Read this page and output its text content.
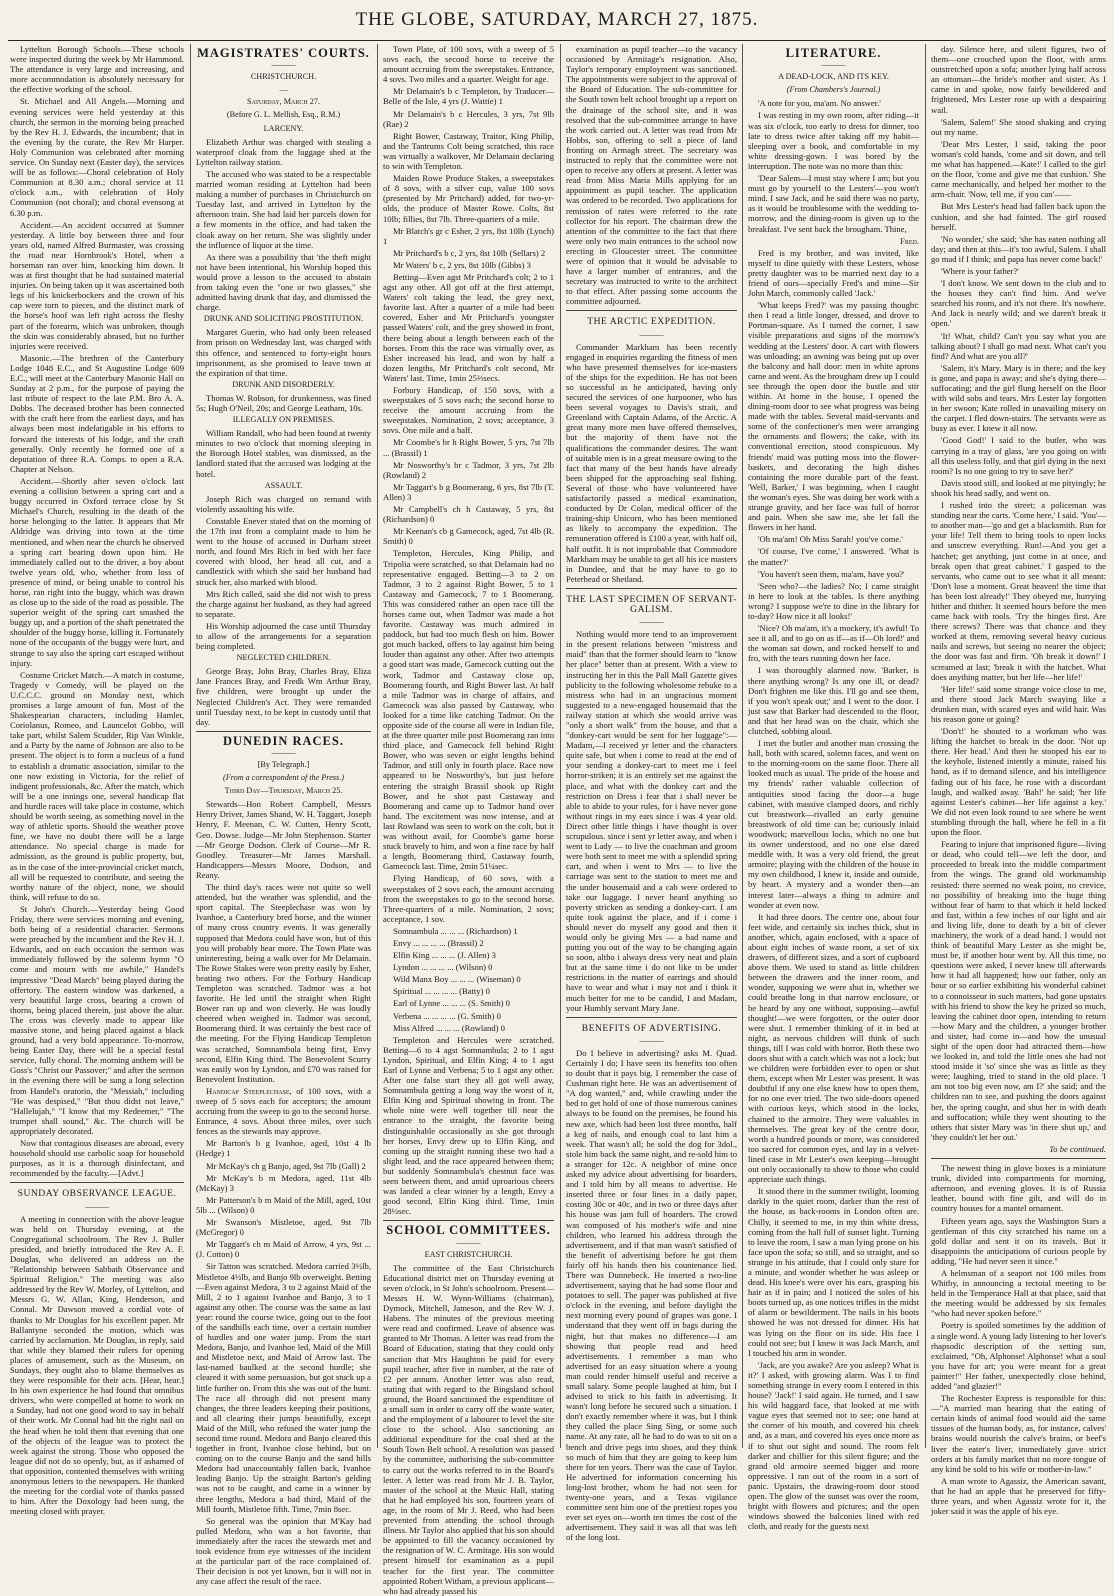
THE GLOBE, SATURDAY, MARCH 27, 1875.

Lyttelton Borough Schools.—These schools were inspected during the week by Mr Hammond. The attendance is very large and increasing, and more accommodation is absolutely necessary for the effective working of the school.

St. Michael and All Angels.—Morning and evening services were held yesterday at this church, the sermon in the morning being preached by the Rev H. J. Edwards, the incumbent; that in the evening by the curate, the Rev Mr Harper. Holy Communion was celebrated after morning service. On Sunday next (Easter day), the services will be as follows:—Choral celebration of Holy Communion at 8.30 a.m.; choral service at 11 o'clock a.m., with celebration of Holy Communion (not choral); and choral evensong at 6.30 p.m.

Accident.—An accident occurred at Sumner yesterday. A little boy between three and four years old, named Alfred Burmaster, was crossing the road near Hornbrook's Hotel, when a horseman ran over him, knocking him down. It was at first thought that he had sustained material injuries. On being taken up it was ascertained both legs of his knickerbockers and the crown of his cap were torn to pieces, and the distinct mark of the horse's hoof was left right across the fleshy part of the forearm, which was unbroken, though the skin was considerably abrased, but no further injuries were received.

Masonic.—The brethren of the Canterbury Lodge 1048 E.C., and St Augustine Lodge 609 E.C., will meet at the Canterbury Masonic Hall on Sunday at 2 p.m., for the purpose of paying the last tribute of respect to the late P.M. Bro A. A. Dobbs. The deceased brother has been connected with the craft here from the earliest days, and has always been most indefatigable in his efforts to forward the interests of his lodge, and the craft generally. Only recently he formed one of a deputation of three R.A. Comps. to open a R.A. Chapter at Nelson.

Accident.—Shortly after seven o'clock last evening a collision between a spring cart and a buggy occurred in Oxford terrace close by St Michael's Church, resulting in the death of the horse belonging to the latter. It appears that Mr Aldridge was driving into town at the time mentioned, and when near the church he observed a spring cart bearing down upon him. He immediately called out to the driver, a boy about twelve years old, who, whether from loss of presence of mind, or being unable to control his horse, ran right into the buggy, which was drawn as close up to the side of the road as possible. The superior weight of the spring cart smashed the buggy up, and a portion of the shaft penetrated the shoulder of the buggy horse, killing it. Fortunately none of the occupants of the buggy were hurt, and strange to say also the spring cart escaped without injury.

Costume Cricket Match.—A match in costume, Tragedy v Comedy, will be played on the U.C.C.C. ground on Monday next, which promises a large amount of fun. Most of the Shakespearian characters, including Hamlet, Coriolanus, Romeo, and Launcelot Gobbo, will take part, whilst Salem Scudder, Rip Van Winkle, and a Party by the name of Johnson are also to be present. The object is to form a nucleus of a fund to establish a dramatic association, similar to the one now existing in Victoria, for the relief of indigent professionals, &c. After the match, which will be a one innings one, several handicap flat and hurdle races will take place in costume, which should be worth seeing, as something novel in the way of athletic sports. Should the weather prove fine, we have no doubt there will be a large attendance. No special charge is made for admission, as the ground is public property, but, as in the case of the inter-provincial cricket match, all will be requested to contribute, and seeing the worthy nature of the object, none, we should think, will refuse to do so.

St John's Church.—Yesterday being Good Friday, there were services morning and evening, both being of a residential character. Sermons were preached by the incumbent and the Rev H. J. Edwards, and on each occasion the sermon was immediately followed by the solemn hymn "O come and mourn with me awhile," Handel's impressive "Dead March" being played during the offertory. The eastern window was darkened, a very beautiful large cross, bearing a crown of thorns, being placed therein, just above the altar. The cross was cleverly made to appear like massive stone, and being placed against a black ground, had a very bold appearance. To-morrow, being Easter Day, there will be a special festal service, fully choral. The morning anthem will be Goss's "Christ our Passover;" and after the sermon in the evening there will be sung a long selection from Handel's oratorio, the "Messiah," including "He was despised," "But thou didst not leave," "Hallelujah," "I know that my Redeemer," "The trumpet shall sound," &c. The church will be appropriately decorated.

Now that contagious diseases are abroad, every household should use carbolic soap for household purposes, as it is a thorough disinfectant, and recommended by the faculty.—[Advt.]

SUNDAY OBSERVANCE LEAGUE.
———

A meeting in connection with the above league was held on Thursday evening, at the Congregational schoolroom. The Rev J. Buller presided, and briefly introduced the Rev A. F. Douglas, who delivered an address on the "Relationship between Sabbath Observance and Spiritual Religion." The meeting was also addressed by the Rev W. Morley, of Lyttelton, and Messrs G. W. Allan, King, Henderson, and Connal. Mr Dawson moved a cordial vote of thanks to Mr Douglas for his excellent paper. Mr Ballantyne seconded the motion, which was carried by acclamation. Mr Douglas, in reply, said that while they blamed their rulers for opening places of amusement, such as the Museum, on Sundays, they ought also to blame themselves as they were responsible for their acts. [Hear, hear.] In his own experience he had found that omnibus drivers, who were compelled at home to work on a Sunday, had not one good word to say in behalf of their work. Mr Connal had hit the right nail on the head when he told them that evening that one of the objects of the league was to protect the week against the strong. Those who opposed the league did not do so openly, but, as if ashamed of that opposition, contented themselves with writing anonymous letters to the newspapers. He thanked the meeting for the cordial vote of thanks passed to him. After the Doxology had been sung, the meeting closed with prayer.

MAGISTRATES' COURTS.
———
CHRISTCHURCH.
—
Saturday, March 27.
(Before G. L. Mellish, Esq., R.M.)
LARCENY.

Elizabeth Arthur was charged with stealing a waterproof cloak from the luggage shed at the Lyttelton railway station.

The accused who was stated to be a respectable married woman residing at Lyttelton had been making a number of purchases in Christchurch on Tuesday last, and arrived in Lyttelton by the afternoon train. She had laid her parcels down for a few moments in the office, and had taken the cloak away on her return. She was slightly under the influence of liquor at the time.

As there was a possibility that 'the theft might not have been intentional, his Worship hoped this would prove a lesson to the accused to abstain from taking even the "one or two glasses," she admitted having drunk that day, and dismissed the charge.

DRUNK AND SOLICITING PROSTITUTION.

Margaret Guerin, who had only been released from prison on Wednesday last, was charged with this offence, and sentenced to forty-eight hours imprisonment, as she promised to leave town at the expiration of that time.

DRUNK AND DISORDERLY.

Thomas W. Robson, for drunkenness, was fined 5s; Hugh O'Neil, 20s; and George Leatham, 10s.

ILLEGALLY ON PREMISES.

William Randall, who had been found at twenty minutes to two o'clock that morning sleeping in the Borough Hotel stables, was dismissed, as the landlord stated that the accused was lodging at the hotel.

ASSAULT.

Joseph Rich was charged on remand with violently assaulting his wife.

Constable Enever stated that on the morning of the 17th inst from a complaint made to him he went to the house of accused in Durham street north, and found Mrs Rich in bed with her face covered with blood, her head all cut, and a candlestick with which she said her husband had struck her, also marked with blood.

Mrs Rich called, said she did not wish to press the charge against her husband, as they had agreed to separate.

His Worship adjourned the case until Thursday to allow of the arrangements for a separation being completed.

NEGLECTED CHILDREN.

George Bray, John Bray, Charles Bray, Eliza Jane Frances Bray, and Fredk Wm Arthur Bray, five children, were brought up under the Neglected Children's Act. They were remanded until Tuesday next, to be kept in custody until that day.

DUNEDIN RACES.
———
[By Telegraph.]
(From a correspondent of the Press.)
Third Day—Thursday, March 25.

Stewards—Hon Robert Campbell, Messrs Henry Driver, James Shand, W. H. Taggart, Joseph Henry, F. Meenan, C. W. Cutten, Henry Scott, Geo. Dowse. Judge—Mr John Stephenson. Starter—Mr George Dodson. Clerk of Course—Mr R. Goodley. Treasurer—Mr James Marshall. Handicappers—Messrs Moore, Dodson, and Reany.

The third day's races were not quite so well attended, but the weather was splendid, and the sport capital. The Steeplechase was won by Ivanhoe, a Canterbury bred horse, and the winner of many cross country events. It was generally supposed that Medora could have won, but of this you will probably hear more. The Town Plate was uninteresting, being a walk over for Mr Delamain. The Rowe Stakes were won pretty easily by Esher, beating two others. For the Forbury Handicap Templeton was scratched. Tadmor was a hot favorite. He led until the straight when Right Bower ran up and won cleverly. He was loudly cheered when weighed in. Tadmor was second, Boomerang third. It was certainly the best race of the meeting. For the Flying Handicap Templeton was scratched, Somnambula being first, Envy second, Elfin King third. The Benevolent Scurry was easily won by Lyndon, and £70 was raised for Benevolent Institution.

Handicap Steeplechase, of 100 sovs, with a sweep of 5 sovs each for acceptors; the amount accruing from the sweep to go to the second horse. Entrance, 4 sovs. About three miles, over such fences as the stewards may approve.

Mr Barton's b g Ivanhoe, aged, 10st 4 lb (Hedge) 1

Mr McKay's ch g Banjo, aged, 9st 7lb (Gall) 2

Mr McKay's b m Medora, aged, 11st 4lb (McKay) 3

Mr Patterson's b m Maid of the Mill, aged, 10st 5lb ... (Wilson) 0

Mr Swanson's Mistletoe, aged, 9st 7lb (McGregor) 0

Mr Taggart's ch m Maid of Arrow, 4 yrs, 9st ... (J. Cotton) 0

Sir Tatton was scratched. Medora carried 3½lb, Mistletoe 4½lb, and Banjo 9lb overweight. Betting—Even against Medora, 3 to 2 against Maid of the Mill, 2 to 1 against Ivanhoe and Banjo, 3 to 1 against any other. The course was the same as last year: round the course twice, going out to the foot of the sandhills each time, over a certain number of hurdles and one water jump. From the start Medora, Banjo, and Ivanhoe led, Maid of the Mill and Mistletoe next, and Maid of Arrow last. The last-named baulked at the second hurdle; she cleared it with some persuasion, but got stuck up a little further on. From this she was out of the hunt. The race all through did not present many changes, the three leaders keeping their positions, and all clearing their jumps beautifully, except Maid of the Mill, who refused the water jump the second time round. Medora and Banjo cleared this together in front, Ivanhoe close behind, but on coming on to the course Banjo and the sand hills Medora had unaccountably fallen back, Ivanhoe leading Banjo. Up the straight Barton's gelding was not to be caught, and came in a winner by three lengths, Medora a bad third, Maid of the Mill fourth, Mistletoe fifth. Time, 7min 8sec.

So general was the opinion that M'Kay had pulled Medora, who was a hot favorite, that immediately after the races the stewards met and took evidence from eye witnesses of the incident at the particular part of the race complained of. Their decision is not yet known, but it will not in any case affect the result of the race.

Town Plate, of 100 sovs, with a sweep of 5 sovs each, the second horse to receive the amount accruing from the sweepstakes. Entrance, 4 sovs. Two miles and a quarter. Weight for age.

Mr Delamain's b c Templeton, by Traducer—Belle of the Isle, 4 yrs (J. Wattie) 1

Mr Delamain's b c Hercules, 3 yrs, 7st 9lb (Rae) 2

Right Bower, Castaway, Traitor, King Philip, and the Tantrums Colt being scratched, this race was virtually a walkover, Mr Delamain declaring to win with Templeton.

Maiden Rowe Produce Stakes, a sweepstakes of 8 sovs, with a silver cup, value 100 sovs (presented by Mr Pritchard) added, for two-yr-olds, the produce of Master Rowe. Colts, 8st 10lb; fillies, 8st 7lb. Three-quarters of a mile.

Mr Blatch's gr c Esher, 2 yrs, 8st 10lb (Lynch) 1

Mr Pritchard's b c, 2 yrs, 8st 10lb (Sellars) 2

Mr Waters' b c, 2 yrs, 8st 10lb (Gibbs) 3

Betting—Even agst Mr Pritchard's colt; 2 to 1 agst any other. All got off at the first attempt, Waters' colt taking the lead, the grey next, favorite last. After a quarter of a mile had been covered, Esher and Mr Pritchard's youngster passed Waters' colt, and the grey showed in front, there being about a length between each of the horses. From this the race was virtually over, as Esher increased his lead, and won by half a dozen lengths, Mr Pritchard's colt second, Mr Waters' last. Time, 1min 25⅔secs.

Forbury Handicap, of 150 sovs, with a sweepstakes of 5 sovs each; the second horse to receive the amount accruing from the sweepstakes. Nomination, 2 sovs; acceptance, 3 sovs. One mile and a half.

Mr Coombe's br h Right Bower, 5 yrs, 7st 7lb ... (Brassil) 1

Mr Nosworthy's br c Tadmor, 3 yrs, 7st 2lb (Rowland) 2

Mr Taggart's b g Boomerang, 6 yrs, 8st 7lb (T. Allen) 3

Mr Campbell's ch h Castaway, 5 yrs, 8st (Richardson) 0

Mr Keenan's cb g Gamecock, aged, 7st 4lb (R. Smith) 0

Templeton, Hercules, King Philip, and Tripolia were scratched, so that Delamain had no representative engaged. Betting—3 to 2 on Tadmor, 3 to 2 against Right Bower, 5 to 1 Castaway and Gamecock, 7 to 1 Boomerang. This was considered rather an open race till the horses came out, when Tadmor was made a hot favorite. Castaway was much admired in paddock, but had too much flesh on him. Bower got much backed, offers to lay against him being louder than against any other. After two attempts a good start was made, Gamecock cutting out the work, Tadmor and Castaway close up, Boomerang fourth, and Right Bower last. At half a mile Tadmor was in charge of affairs, and Gamecock was also passed by Castaway, who looked for a time like catching Tadmor. On the opposite side of the course all were in Indian file, at the three quarter mile post Boomerang ran into third place, and Gamecock fell behind Right Bower, who was seven or eight lengths behind Tadmor, and still only in fourth place. Race now appeared to be Nosworthy's, but just before entering the straight Brassil shook up Right Bower, and he shot past Castaway and Boomerang and came up to Tadmor hand over hand. The excitement was now intense, and at last Rowland was seen to work on the colt, but it was without avail, for Coombe's game horse stuck bravely to him, and won a fine race by half a length, Boomerang third, Castaway fourth, Gamecock last. Time, 2min 51¼sec.

Flying Handicap, of 60 sovs, with a sweepstakes of 2 sovs each, the amount accruing from the sweepstakes to go to the second horse. Three-quarters of a mile. Nomination, 2 sovs; acceptance, 1 sov.

Somnambula ... ... ... (Richardson) 1

Envy ... ... ... ... (Brassil) 2

Elfin King ... ... ... (J. Allen) 3

Lyndon ... ... ... ... (Wilson) 0

Wild Manx Boy ... ... ... (Wiseman) 0

Spiritual ... ... ... ... (Batty) 0

Earl of Lynne ... ... ... (S. Smith) 0

Verbena ... ... ... ... (G. Smith) 0

Miss Alfred ... ... ... (Rowland) 0

Templeton and Hercules were scratched. Betting—6 to 4 agst Somnambula; 2 to 1 agst Lyndon, Spiritual, and Elfin King; 4 to 1 agst Earl of Lynne and Verbena; 5 to 1 agst any other. After one false start they all got well away, Somnambula getting a long way the worst of it, Elfin King and Spiritual showing in front. The whole nine were well together till near the entrance to the straight, the favorite being distinguishable occasionally as she got through her horses, Envy drew up to Elfin King, and coming up the straight running these two had a slight lead, and the race appeared between them; but suddenly Somnambula's chestnut face was seen between them, and amid uproarious cheers was landed a clear winner by a length, Envy a good second, Elfin King third. Time, 1min 28½sec.

SCHOOL COMMITTEES.
———
EAST CHRISTCHURCH.

The committee of the East Christchurch Educational district met on Thursday evening at seven o'clock, in St John's schoolroom. Present—Messrs H. W. Wynn-Williams (chairman), Dymock, Mitchell, Jameson, and the Rev W. J. Habens. The minutes of the previous meeting were read and confirmed. Leave of absence was granted to Mr Thomas. A letter was read from the Board of Education, stating that they could only sanction that Mrs Haughton be paid for every pupil teacher, after five in number, at the rate of £2 per annum. Another letter was also read, stating that with regard to the Bingsland school ground, the Board sanctioned the expenditure of a small sum in order to carry off the waste water, and the employment of a labourer to level the site close to the school. Also sanctioning an additional expenditure for the coal shed at the South Town Belt school. A resolution was passed by the committee, authorising the sub-committee to carry out the works referred to in the Board's letter. A letter was read from Mr J. B. Taylor, master of the school at the Music Hall, stating that he had employed his son, fourteen years of age, in the room of Mr J. Reed, who had been prevented from attending the school through illness. Mr Taylor also applied that his son should be appointed to fill the vacancy occasioned by the resignation of W. C. Armitage. His son would present himself for examination as a pupil teacher for the first year. The committee appointed Robert Witham, a previous applicant—who had already passed his

examination as pupil teacher—to the vacancy occasioned by Armitage's resignation. Also, Taylor's temporary employment was sanctioned. The appointments were subject to the approval of the Board of Education. The sub-committee for the South town belt school brought up a report on the drainage of the school site, and it was resolved that the sub-committee arrange to have the work carried out. A letter was read from Mr Hobbs, son, offering to sell a piece of land fronting on Armagh street. The secretary was instructed to reply that the committee were not open to receive any offers at present. A letter was read from Miss Maria Mills applying for an appointment as pupil teacher. The application was ordered to be recorded. Two applications for remission of rates were referred to the rate collector for his report. The chairman drew the attention of the committee to the fact that there were only two main entrances to the school now erecting in Gloucester street. The committee were of opinion that it would be advisable to have a larger number of entrances, and the secretary was instructed to write to the architect to that effect. After passing some accounts the committee adjourned.

THE ARCTIC EXPEDITION.
———

Commander Markham has been recently engaged in enquiries regarding the fitness of men who have presented themselves for ice-masters of the ships for the expedition. He has not been so successful as he anticipated, having only secured the services of one harpooner, who has been several voyages to Davis's strait, and Greenland with Captain Adams, of the Arctic. A great many more men have offered themselves, but the majority of them have not the qualifications the commander desires. The want of suitable men is in a great measure owing to the fact that many of the best hands have already been shipped for the approaching seal fishing. Several of those who have volunteered have satisfactorily passed a medical examination, conducted by Dr Colan, medical officer of the training-ship Unicorn, who has been mentioned as likely to accompany the expedition. The remuneration offered is £100 a year, with half oil, half outfit. It is not improbable that Commodore Markham may be unable to get all his ice masters in Dundee, and that he may have to go to Peterhead or Shetland.

THE LAST SPECIMEN OF SERVANT-GALISM.
———

Nothing would more tend to an improvement in the present relations between "mistress and maid" than that the former should learn to "know her place" better than at present. With a view to instructing her in this the Pall Mall Gazette gives publicity to the following wholesome rebuke to a mistress who had in an ungracious moment suggested to a new-engaged housemaid that the railway station at which she would arrive was "only a short walk" from the house, and that a "donkey-cart would be sent for her luggage":—Madam,—I received yr letter and the characters quite safe, but when i come to read at the end of your sending a donkey-cart to meet me i feel horror-striken; it is an entirely set me against the place, and what with the donkey cart and the restriction on Dress i fear that i shall never be able to abide to your rules, for i have never gone without rings in my ears since i was 4 year old. Direct other little things i have thought is over scrupulous. since i sent yr letter away, and when i went to Lady — to live the coachman and groom were both sent to meet me with a splendid spring cart, and when i went to Mrs — to live the carriage was sent to the station to meet me and the under housemaid and a cab were ordered to take our luggage. I never heard anything so poverty stricken as sending a donkey-cart. I am quite took against the place, and if i come i should never do myself any good and then it would only be giving Mrs — a bad name and putting you out of the way to be changing again so soon, altho i always dress very neat and plain but at the same time i do not like to be under restrictions in the matter of earrings and should have to wear and what i may not and i think it much better for me to be candid, I and Madam, your Humbly servant Mary Jane.

BENEFITS OF ADVERTISING.
———

Do I believe in advertising? asks M. Quad. Certainly I do; I have seen its benefits too often to doubt that it pays big. I remember the case of Cushman right here. He was an advertisement of "A dog wanted," and, while crawling under the bed to get hold of one of those numerous canines always to be found on the premises, he found his new axe, which had been lost three months, half a keg of nails, and enough coal to last him a week. That wasn't all; he sold the dog for 3dol., stole him back the same night, and re-sold him to a stranger for 12c. A neighbor of mine once asked my advice about advertising for boarders, and I told him by all means to advertise. He inserted three or four lines in a daily paper, costing 30c or 40c, and in two or three days after his house was jam full of boarders. The crowd was composed of his mother's wife and nine children, who learned his address through the advertisement, and if that man wasn't satisfied of the benefit of advertising before he got them fairly off his hands then his countenance lied. There was Dunnebeck. He inserted a two-line advertisement, saying that he had some flour and potatoes to sell. The paper was published at five o'clock in the evening, and before daylight the next morning every pound of grapes was gone. I understand that they went off in bags during the night, but that makes no difference—I am showing that people read and heed advertisements. I remember a man who advertised for an easy situation where a young man could render himself useful and receive a small salary. Some people laughed at him, but I advised to stick to his faith in advertising. It wasn't long before he secured such a situation. I don't exactly remember where it was, but I think they called the place Sing Sing, or some such name. At any rate, all he had to do was to sit on a bench and drive pegs into shoes, and they think so much of him that they are going to keep him there for ten years. There was the case of Taylor. He advertised for information concerning his long-lost brother, whom he had not seen for twenty-one years, and a Texas vigilance committee sent him one of the prettiest ropes you ever set eyes on—worth ten times the cost of the advertisement. They said it was all that was left of the long lost.

LITERATURE.
———
A DEAD-LOCK, AND ITS KEY.
(From Chambers's Journal.)

'A note for you, ma'am. No answer.'

I was resting in my own room, after riding—it was six o'clock, too early to dress for dinner, too late to dress twice after taking off my habit—sleeping over a book, and comfortable in my white dressing-gown. I was bored by the interruption. The note was no more than this:

'Dear Salem—I must stay where I am; but you must go by yourself to the Lesters'—you won't mind. I saw Jack, and he said there was no party, as it would be troublesome with the wedding to-morrow, and the dining-room is given up to the breakfast. I've sent back the brougham. Thine,

Fred.

Fred is my brother, and was invited, like myself to dine quietly with these Lesters, whose pretty daughter was to be married next day to a friend of ours—specially Fred's and mine—Sir John March, commonly called 'Jack.'

'What keeps Fred?' was my passing thought: then I read a little longer, dressed, and drove to Portman-square. As I turned the corner, I saw visible preparations and signs of the morrow's wedding at the Lesters' door. A cart with flowers was unloading; an awning was being put up over the balcony and hall door: men in white aprons came and went. As the brougham drew up I could see through the open door the bustle and stir within. At home in the house, I opened the dining-room door to see what progress was being made with the tables. Several maid-servants and some of the confectioner's men were arranging the ornaments and flowers; the cake, with its conventional erection, stood conspicuous. My friends' maid was putting moss into the flower-baskets, and decorating the high dishes containing the more durable part of the feast. 'Well, Barker,' I was beginning, when I caught the woman's eyes. She was doing her work with a strange gravity, and her face was full of horror and pain. When she saw me, she let fall the flowers in her hand.

'Oh ma'am! Oh Miss Sarah! you've come.'

'Of course, I've come,' I answered. 'What is the matter?'

'You haven't seen them, ma'am, have you?'

'Seen who?—the ladies? No; I came straight in here to look at the tables. Is there anything wrong? I suppose we're to dine in the library for to-day? How nice it all looks!'

'Nice? Oh ma'am, it's a mockery, it's awful! To see it all, and to go on as if—as if—Oh lord!' and the woman sat down, and rocked herself to and fro, with the tears running down her face.

I was thoroughly alarmed now. 'Barker, is there anything wrong? Is any one ill, or dead? Don't frighten me like this. I'll go and see them, if you won't speak out;' and I went to the door. I just saw that Barker had descended to the floor, and that her head was on the chair, which she clutched, sobbing aloud.

I met the butler and another man crossing the hall, both with scared, solemn faces, and went on to the morning-room on the same floor. There all looked much as usual. The pride of the house and my friends' rather valuable collection of antiquities stood facing the door—a huge cabinet, with massive clamped doors, and richly cut breastwork—rivalled an early genuine breastwork of old time can be; curiously inlaid woodwork; marvellous locks, which no one but its owner understood, and no one else dared meddle with. It was a very old friend, the great armoire; playing with the children of the house in my own childhood, I knew it, inside and outside, by heart. A mystery and a wonder then—an interest later—always a thing to admire and wonder at even now.

It had three doors. The centre one, about four feet wide, and certainly six inches thick, shut in another, which, again enclosed, with a space of about eight inches of waste room, a set of six drawers, of different sizes, and a sort of cupboard above them. We used to stand as little children between the drawers and the inner room, and wonder, supposing we were shut in, whether we could breathe long in that narrow enclosure, or be heard by any one without, supposing—awful thought!—we were forgotten, or the outer door were shut. I remember thinking of it in bed at night, as nervous children will think of such things, till I was cold with horror. Both these two doors shut with a catch which was not a lock; but we children were forbidden ever to open or shut them, except when Mr Lester was present. It was doubtful if any one else knew how to open them, for no one ever tried. The two side-doors opened with curious keys, which stood in the locks, chained to the armoire. They were valuables in themselves. The great key of the centre door, worth a hundred pounds or more, was considered too sacred for common eyes, and lay in a velvet-lined case in Mr Lester's own keeping—brought out only occasionally to show to those who could appreciate such things.

It stood there in the summer twilight, looming darkly in the quiet room, darker than the rest of the house, as back-rooms in London often are. Chilly, it seemed to me, in my thin white dress, coming from the hall full of sunset light. Turning to leave the room, I saw a man lying prone on his face upon the sofa; so still, and so straight, and so strange in his attitude, that I could only stare for a minute, and wonder whether he was asleep or dead. His knee's were over his ears, grasping his hair as if in pain; and I noticed the soles of his boots turned up, as one notices trifles in the midst of alarm or bewilderment. The nails in his boots showed he was not dressed for dinner. His hat was lying on the floor on its side. His face I could not see; but I knew it was Jack March, and I touched his arm in wonder.

'Jack, are you awake? Are you asleep? What is it?' I asked, with growing alarm. Was I to find something strange in every room I entered in this house? 'Jack!' I said again. He turned, and I saw his wild haggard face, that looked at me with vague eyes that seemed not to see; one hand at the corner of his mouth, and covered his cheek and, as a man, and covered his eyes once more as if to shut out sight and sound. The room felt darker and chillier for this silent figure; and the grand old armoire seemed bigger and more oppressive. I ran out of the room in a sort of panic. Upstairs, the drawing-room door stood open. The glow of the sunset was over the room, bright with flowers and pictures; and the open windows showed the balconies lined with red cloth, and ready for the guests next

day. Silence here, and silent figures, two of them—one crouched upon the floor, with arms outstretched upon a sofa; another lying half across an ottoman—the bride's mother and sister. As I came in and spoke, now fairly bewildered and frightened, Mrs Lester rose up with a despairing wail.

'Salem, Salem!' She stood shaking and crying out my name.

'Dear Mrs Lester, I said, taking the poor woman's cold hands, 'come and sit down, and tell me what has happened.—Kate!' I called to the girl on the floor, 'come and give me that cushion.' She came mechanically, and helped her mother to the arm-chair. 'Now, tell me, if you can'——

But Mrs Lester's head had fallen back upon the cushion, and she had fainted. The girl roused herself.

'No wonder,' she said; 'she has eaten nothing all day; and then at this—it's too awful, Salem. I shall go mad if I think; and papa has never come back!'

'Where is your father?'

'I don't know. We sent down to the club and to the houses they can't find him. And we've searched his room, and it's not there. It's nowhere. And Jack is nearly wild; and we daren't break it open.'

'It! What, child? Can't you say what you are talking about? I shall go mad next. What can't you find? And what are you all?'

'Salem, it's Mary. Mary is in there; and the key is gone, and papa is away; and she's dying there—suffocating; and the girl flung herself on the floor with wild sobs and tears. Mrs Lester lay forgotten in her swoon; Kate rolled in unavailing misery on the carpet. I fled down-stairs. The servants were as busy as ever. I knew it all now.

'Good God!' I said to the butler, who was carrying in a tray of glass, 'are you going on with all this useless folly, and that girl dying in the next room? Is no one going to try to save her?'

Davis stood still, and looked at me pityingly; he shook his head sadly, and went on.

I rushed into the street; a policeman was standing near the carts. 'Come here,' I said. 'You'—to another man—'go and get a blacksmith. Run for your life! Tell them to bring tools to open locks and unscrew everything. Run!—And you get a hatchet; get anything, just come in at once, and break open that great cabinet.' I gasped to the servants, who came out to see what it all meant: 'Don't lose a moment. Great heaven! the time that has been lost already!' They obeyed me, hurrying hither and thither. It seemed hours before the men came back with tools. 'Try the hinges first. Are there screws? There was that chance and they worked at them, removing several heavy curious nails and screws, but seeing no nearer the object; the door was fast and firm. 'Oh break it down!' I screamed at last; 'break it with the hatchet. What does anything matter, but her life—her life!'

'Her life!' said some strange voice close to me, and there stood Jack March swaying like a drunken man, with scared eyes and wild hair. Was his reason gone or going?

'Don't!' he shouted to a workman who was lifting the hatchet to break in the door. 'Not up there. Her head.' And then he stooped his ear to the keyhole, listened intently a minute, raised his hand, as if to demand silence, and his intelligence fading out of his face, he rose with a discordant laugh, and walked away. 'Bah!' he said; 'her life against Lester's cabinet—her life against a key.' We did not even look round to see where he went stumbling through the hall, where he fell in a fit upon the floor.

Fearing to injure that imprisoned figure—living or dead, who could tell—we left the door, and proceeded to break into the middle compartment from the wings. The grand old workmanship resisted: there seemed no weak point, no crevice, no possibility of breaking into the huge thing without fear of harm to that which it held locked and fast, within a few inches of our light and air and living life, done to death by a bit of clever machinery, the work of a dead hand. I would not think of beautiful Mary Lester as she might be, must be, if another hour went by. All this time, no questions were asked, I never knew till afterwards how it had all happened; how our father, only an hour or so earlier exhibiting his wonderful cabinet to a connoisseur in such matters, had gone upstairs with his friend to show the key he prized so much, leaving the cabinet door open, intending to return—how Mary and the children, a younger brother and sister, had come in—and how the unusual sight of the open door had attracted them—how we looked in, and told the little ones she had not stood inside it 'so' since she was as little as they were; laughing, tried to stand in the old place. 'I am not too big even now, am I?' she said; and the children ran to see, and pushing the doors against her, the spring caught, and shut her in with death and suffocation; while they went shouting to the others that sister Mary was 'in there shut up,' and 'they couldn't let her out.'

To be continued.

The newest thing in glove boxes is a miniature trunk, divided into compartments for morning, afternoon, and evening gloves. It is of Russia leather, bound with fine gilt, and will do in country houses for a mantel ornament.

Fifteen years ago, says the Washington Stars a gentleman of this city scratched his name on a gold dollar and sent it on its travels. But it disappoints the anticipations of curious people by adding, "He had never seen it since."

A helmsman of a seaport not 100 miles from Whitby, in announcing a tectotal meeting to be held in the Temperance Hall at that place, said that the meeting would be addressed by six females "who had never spoken before."

Poetry is spoiled sometimes by the addition of a single word. A young lady listening to her lover's rhapsodic description of the setting sun, exclaimed, "Oh, Alphonse! Alphonse! what a soul you have for art; you were meant for a great painter!" Her father, unexpectedly close behind, added "and glazier!"

The Rochester Express is responsible for this:—"A married man hearing that the eating of certain kinds of animal food would aid the same tissues of the human body, as, for instance, calves' brains would nourish the calve's brains, or beef's liver the eater's liver, immediately gave strict orders at his family market that no more tongue of any kind be sold to his wife or mother-in-law."

A man wrote to Agassiz, the American savant, that he had an apple that he preserved for fifty-three years, and when Agassiz wrote for it, the joker said it was the apple of his eye.
